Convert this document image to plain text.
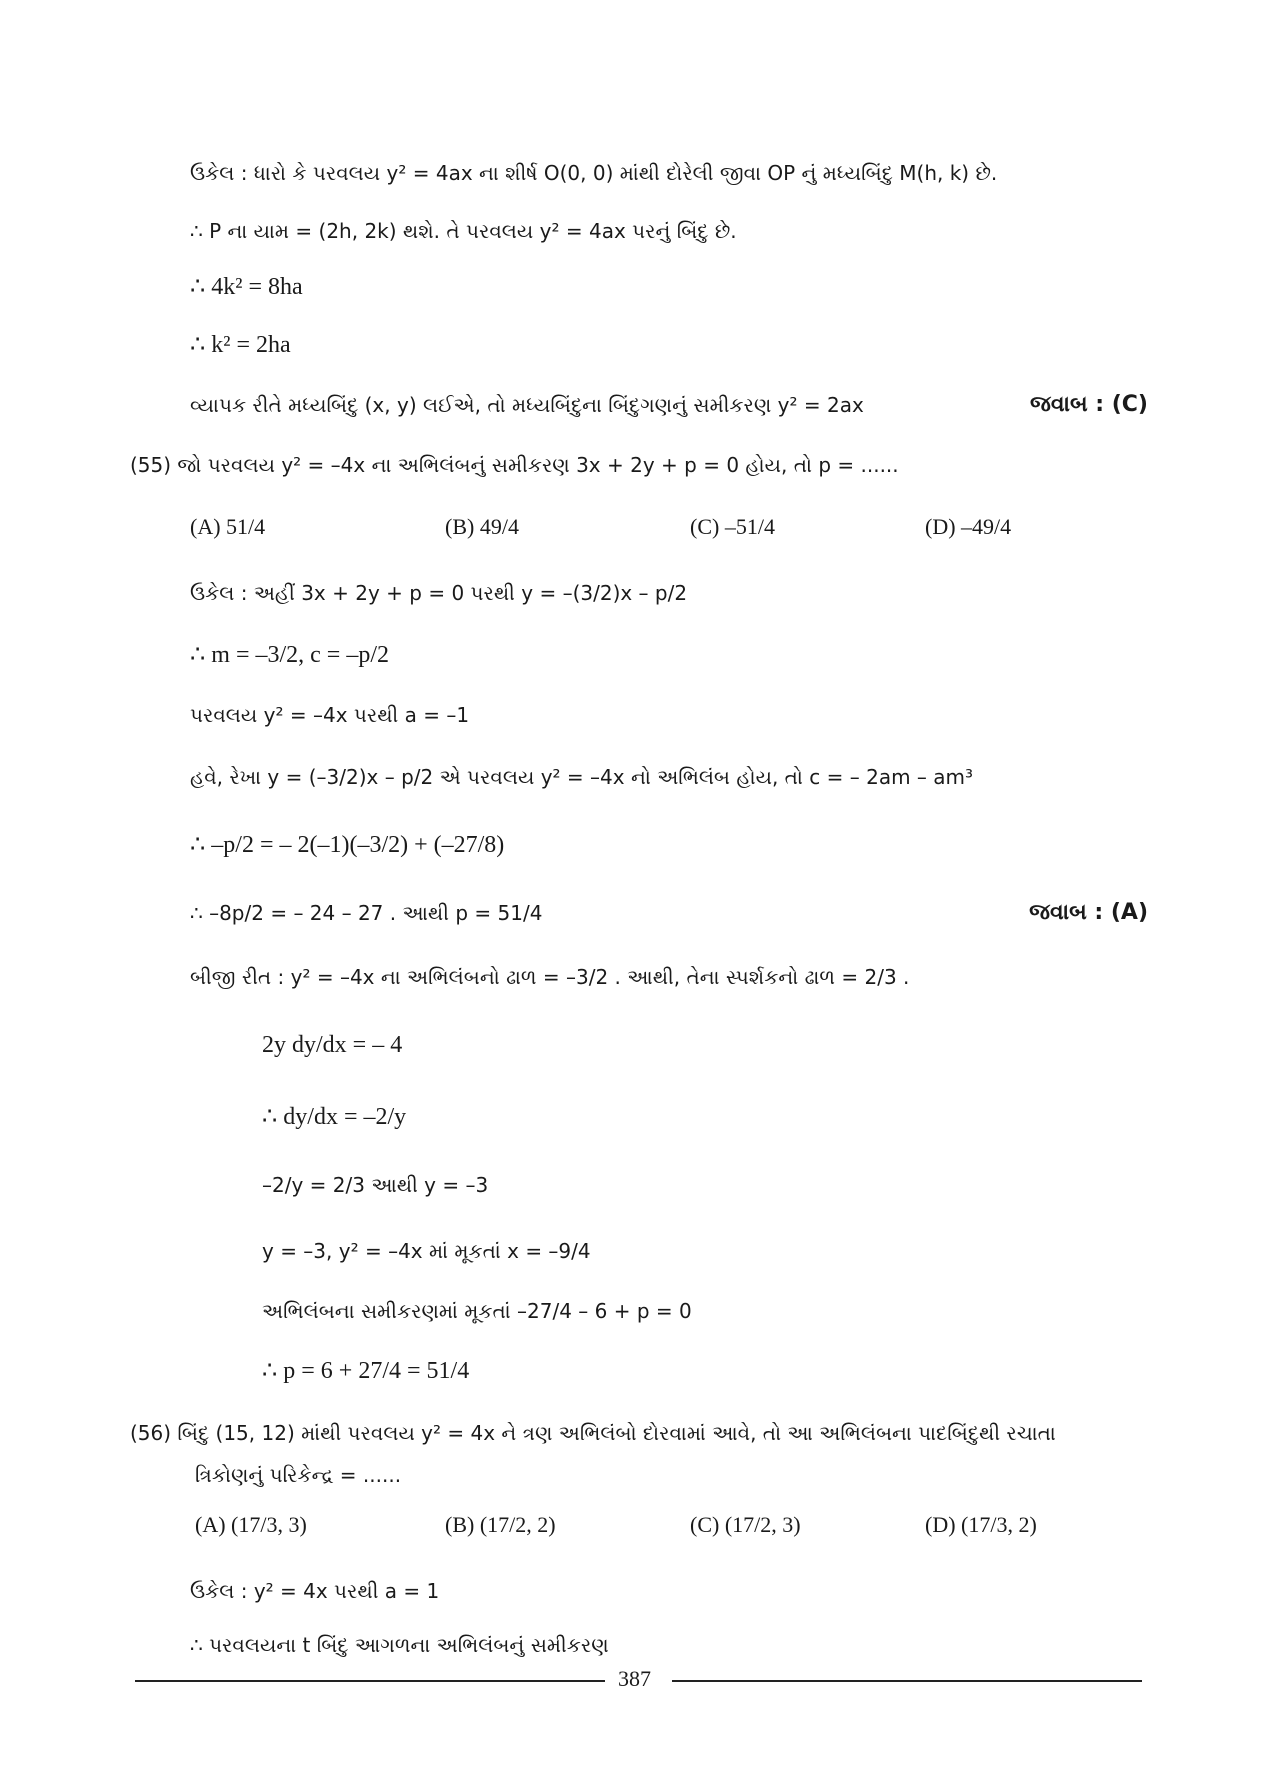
ઉકેલ : ધારો કે પરવલય y² = 4ax ના શીર્ષ O(0, 0) માંથી દોરેલી જીવા OP નું મધ્યબિંદુ M(h, k) છે.
∴ P ના યામ = (2h, 2k) થશે. તે પરવલય y² = 4ax પરનું બિંદુ છે.
∴ 4k² = 8ha
∴ k² = 2ha
વ્યાપક રીતે મધ્યબિંદુ (x, y) લઈએ, તો મધ્યબિંદુના બિંદુગણનું સમીકરણ y² = 2ax	જવાબ : (C)
(55) જો પરવલય y² = –4x ના અભિલંબનું સમીકરણ 3x + 2y + p = 0 હોય, તો p = ......
(A) 51/4	(B) 49/4	(C) –51/4	(D) –49/4
ઉકેલ : અહીં 3x + 2y + p = 0 પરથી y = –(3/2)x – p/2
∴ m = –3/2, c = –p/2
પરવલય y² = –4x પરથી a = –1
હવે, રેખા y = (–3/2)x – p/2 એ પરવલય y² = –4x નો અભિલંબ હોય, તો c = – 2am – am³
∴ –p/2 = – 2(–1)(–3/2) + (–27/8)
∴ –8p/2 = – 24 – 27 . આથી p = 51/4	જવાબ : (A)
બીજી રીત : y² = –4x ના અભિલંબનો ઢાળ = –3/2 . આથી, તેના સ્પર્શકનો ઢાળ = 2/3 .
2y dy/dx = – 4
∴ dy/dx = –2/y
–2/y = 2/3 આથી y = –3
y = –3, y² = –4x માં મૂકતાં x = –9/4
અભિલંબના સમીકરણમાં મૂકતાં –27/4 – 6 + p = 0
∴ p = 6 + 27/4 = 51/4
(56) બિંદુ (15, 12) માંથી પરવલય y² = 4x ને ત્રણ અભિલંબો દોરવામાં આવે, તો આ અભિલંબના પાદબિંદુથી રચાતા
ત્રિકોણનું પરિકેન્દ્ર = ......
(A) (17/3, 3)	(B) (17/2, 2)	(C) (17/2, 3)	(D) (17/3, 2)
ઉકેલ : y² = 4x પરથી a = 1
∴ પરવલયના t બિંદુ આગળના અભિલંબનું સમીકરણ
387
